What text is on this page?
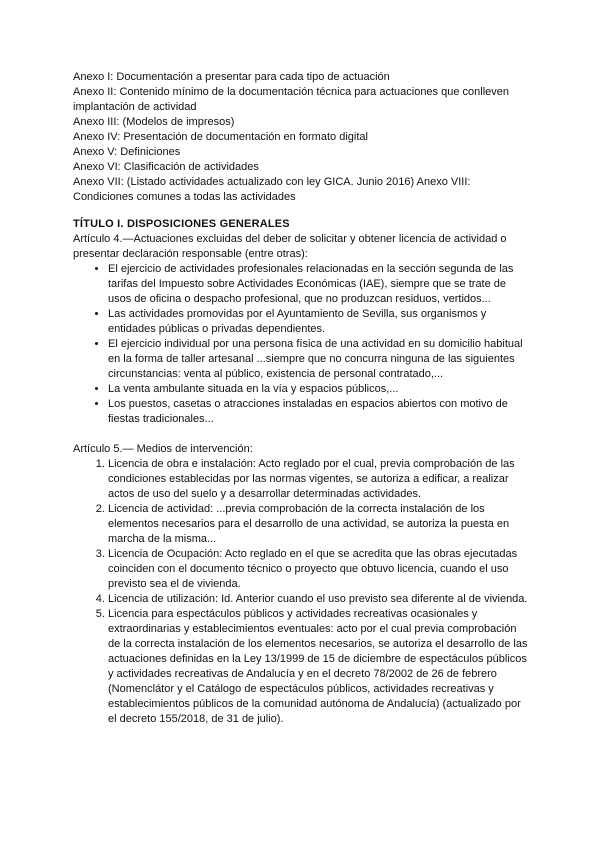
Anexo I: Documentación a presentar para cada tipo de actuación

Anexo II: Contenido mínimo de la documentación técnica para actuaciones que conlleven implantación de actividad

Anexo III: (Modelos de impresos)

Anexo IV: Presentación de documentación en formato digital

Anexo V: Definiciones

Anexo VI: Clasificación de actividades

Anexo VII: (Listado actividades actualizado con ley GICA. Junio 2016) Anexo VIII: Condiciones comunes a todas las actividades

TÍTULO I. DISPOSICIONES GENERALES

Artículo 4.—Actuaciones excluidas del deber de solicitar y obtener licencia de actividad o presentar declaración responsable (entre otras):

• El ejercicio de actividades profesionales relacionadas en la sección segunda de las tarifas del Impuesto sobre Actividades Económicas (IAE), siempre que se trate de usos de oficina o despacho profesional, que no produzcan residuos, vertidos...
• Las actividades promovidas por el Ayuntamiento de Sevilla, sus organismos y entidades públicas o privadas dependientes.
• El ejercicio individual por una persona física de una actividad en su domicilio habitual en la forma de taller artesanal ...siempre que no concurra ninguna de las siguientes circunstancias: venta al público, existencia de personal contratado,...
• La venta ambulante situada en la vía y espacios públicos,...
• Los puestos, casetas o atracciones instaladas en espacios abiertos con motivo de fiestas tradicionales...

Artículo 5.— Medios de intervención:

1. Licencia de obra e instalación: Acto reglado por el cual, previa comprobación de las condiciones establecidas por las normas vigentes, se autoriza a edificar, a realizar actos de uso del suelo y a desarrollar determinadas actividades.
2. Licencia de actividad: ...previa comprobación de la correcta instalación de los elementos necesarios para el desarrollo de una actividad, se autoriza la puesta en marcha de la misma...
3. Licencia de Ocupación: Acto reglado en el que se acredita que las obras ejecutadas coinciden con el documento técnico o proyecto que obtuvo licencia, cuando el uso previsto sea el de vivienda.
4. Licencia de utilización: Id. Anterior cuando el uso previsto sea diferente al de vivienda.
5. Licencia para espectáculos públicos y actividades recreativas ocasionales y extraordinarias y establecimientos eventuales: acto por el cual previa comprobación de la correcta instalación de los elementos necesarios, se autoriza el desarrollo de las actuaciones definidas en la Ley 13/1999 de 15 de diciembre de espectáculos públicos y actividades recreativas de Andalucía y en el decreto 78/2002 de 26 de febrero (Nomenclátor y el Catálogo de espectáculos públicos, actividades recreativas y establecimientos públicos de la comunidad autónoma de Andalucía) (actualizado por el decreto 155/2018, de 31 de julio).
